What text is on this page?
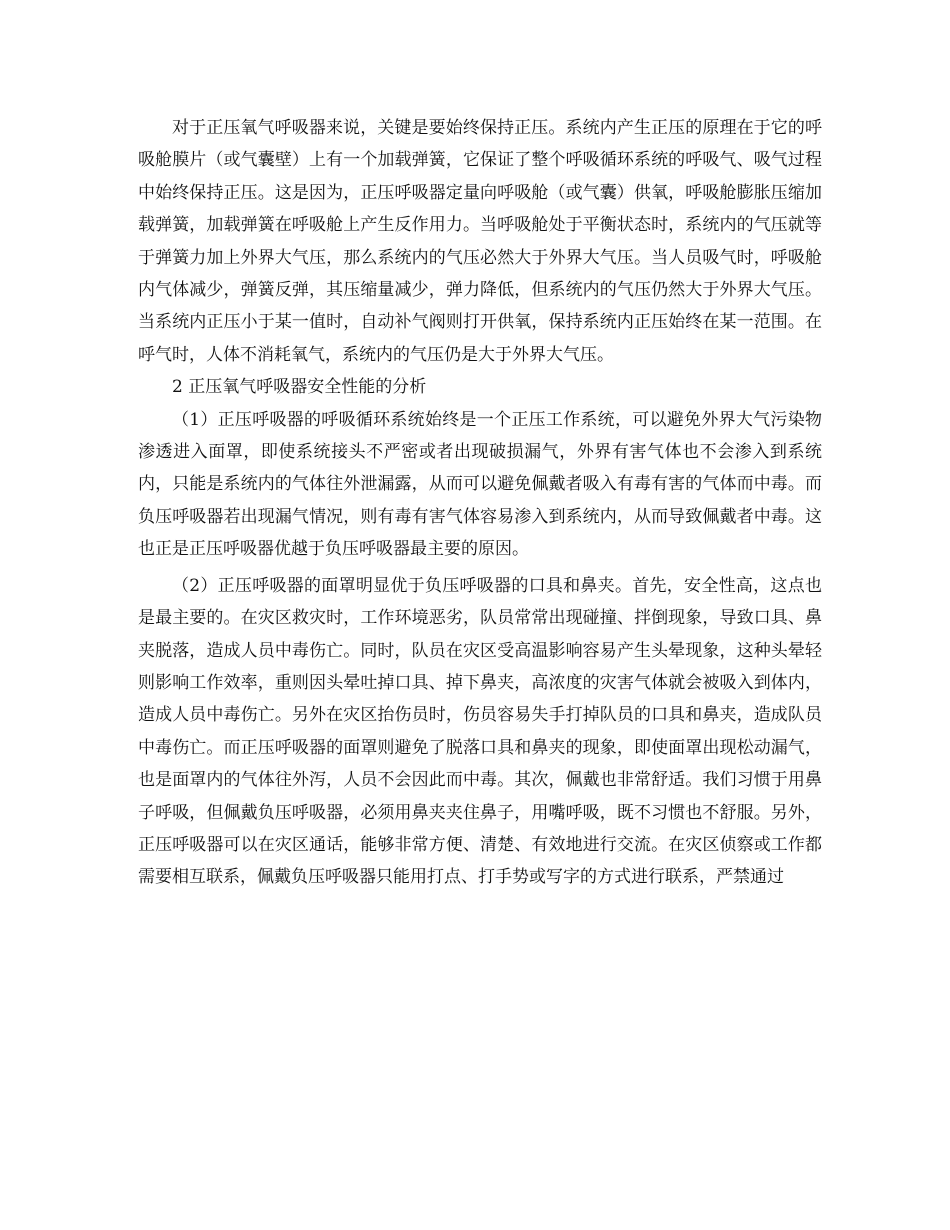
对于正压氧气呼吸器来说，关键是要始终保持正压。系统内产生正压的原理在于它的呼吸舱膜片（或气囊壁）上有一个加载弹簧，它保证了整个呼吸循环系统的呼吸气、吸气过程中始终保持正压。这是因为，正压呼吸器定量向呼吸舱（或气囊）供氧，呼吸舱膨胀压缩加载弹簧，加载弹簧在呼吸舱上产生反作用力。当呼吸舱处于平衡状态时，系统内的气压就等于弹簧力加上外界大气压，那么系统内的气压必然大于外界大气压。当人员吸气时，呼吸舱内气体减少，弹簧反弹，其压缩量减少，弹力降低，但系统内的气压仍然大于外界大气压。当系统内正压小于某一值时，自动补气阀则打开供氧，保持系统内正压始终在某一范围。在呼气时，人体不消耗氧气，系统内的气压仍是大于外界大气压。

2 正压氧气呼吸器安全性能的分析

（1）正压呼吸器的呼吸循环系统始终是一个正压工作系统，可以避免外界大气污染物渗透进入面罩，即使系统接头不严密或者出现破损漏气，外界有害气体也不会渗入到系统内，只能是系统内的气体往外泄漏露，从而可以避免佩戴者吸入有毒有害的气体而中毒。而负压呼吸器若出现漏气情况，则有毒有害气体容易渗入到系统内，从而导致佩戴者中毒。这也正是正压呼吸器优越于负压呼吸器最主要的原因。

（2）正压呼吸器的面罩明显优于负压呼吸器的口具和鼻夹。首先，安全性高，这点也是最主要的。在灾区救灾时，工作环境恶劣，队员常常出现碰撞、拌倒现象，导致口具、鼻夹脱落，造成人员中毒伤亡。同时，队员在灾区受高温影响容易产生头晕现象，这种头晕轻则影响工作效率，重则因头晕吐掉口具、掉下鼻夹，高浓度的灾害气体就会被吸入到体内，造成人员中毒伤亡。另外在灾区抬伤员时，伤员容易失手打掉队员的口具和鼻夹，造成队员中毒伤亡。而正压呼吸器的面罩则避免了脱落口具和鼻夹的现象，即使面罩出现松动漏气，也是面罩内的气体往外泻，人员不会因此而中毒。其次，佩戴也非常舒适。我们习惯于用鼻子呼吸，但佩戴负压呼吸器，必须用鼻夹夹住鼻子，用嘴呼吸，既不习惯也不舒服。另外，正压呼吸器可以在灾区通话，能够非常方便、清楚、有效地进行交流。在灾区侦察或工作都需要相互联系，佩戴负压呼吸器只能用打点、打手势或写字的方式进行联系，严禁通过
